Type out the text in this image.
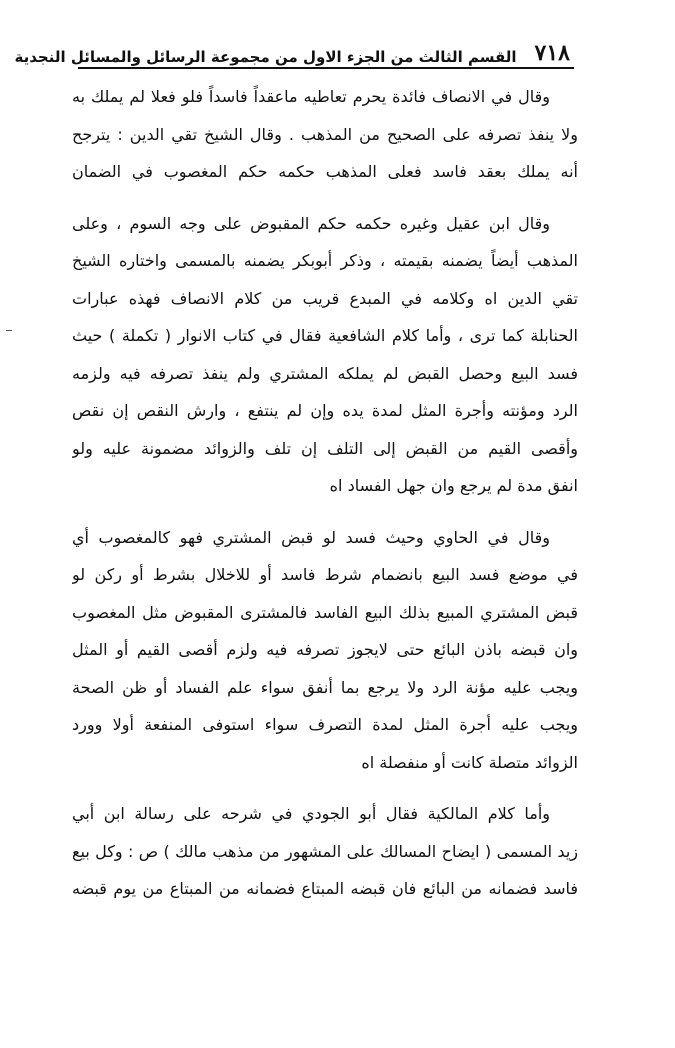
٧١٨
القسم الثالث من الجزء الاول من مجموعة الرسائل والمسائل النجدية
وقال في الانصاف فائدة يحرم تعاطيه ماعقداً فاسداً فلو فعلا لم يملك به
ولا ينفذ تصرفه على الصحيح من المذهب . وقال الشيخ تقي الدين : يترجح
أنه يملك بعقد فاسد فعلى المذهب حكمه حكم المغصوب في الضمان
وقال ابن عقيل وغيره حكمه حكم المقبوض على وجه السوم ، وعلى
المذهب أيضاً يضمنه بقيمته ، وذكر أبوبكر يضمنه بالمسمى واختاره الشيخ
تقي الدين اه وكلامه في المبدع قريب من كلام الانصاف فهذه عبارات
الحنابلة كما ترى ، وأما كلام الشافعية فقال في كتاب الانوار ( تكملة ) حيث
فسد البيع وحصل القبض لم يملكه المشتري ولم ينفذ تصرفه فيه ولزمه
الرد ومؤنته وأجرة المثل لمدة يده وإن لم ينتفع ، وارش النقص إن نقص
وأقصى القيم من القبض إلى التلف إن تلف والزوائد مضمونة عليه ولو
انفق مدة لم يرجع وان جهل الفساد اه
وقال في الحاوي وحيث فسد لو قبض المشتري فهو كالمغصوب أي
في موضع فسد البيع بانضمام شرط فاسد أو للاخلال بشرط أو ركن لو
قبض المشتري المبيع بذلك البيع الفاسد فالمشترى المقبوض مثل المغصوب
وان قبضه باذن البائع حتى لايجوز تصرفه فيه ولزم أقصى القيم أو المثل
ويجب عليه مؤنة الرد ولا يرجع بما أنفق سواء علم الفساد أو ظن الصحة
ويجب عليه أجرة المثل لمدة التصرف سواء استوفى المنفعة أولا وورد
الزوائد متصلة كانت أو منفصلة اه
وأما كلام المالكية فقال أبو الجودي في شرحه على رسالة ابن أبي
زيد المسمى ( ايضاح المسالك على المشهور من مذهب مالك ) ص : وكل بيع
فاسد فضمانه من البائع فان قبضه المبتاع فضمانه من المبتاع من يوم قبضه
